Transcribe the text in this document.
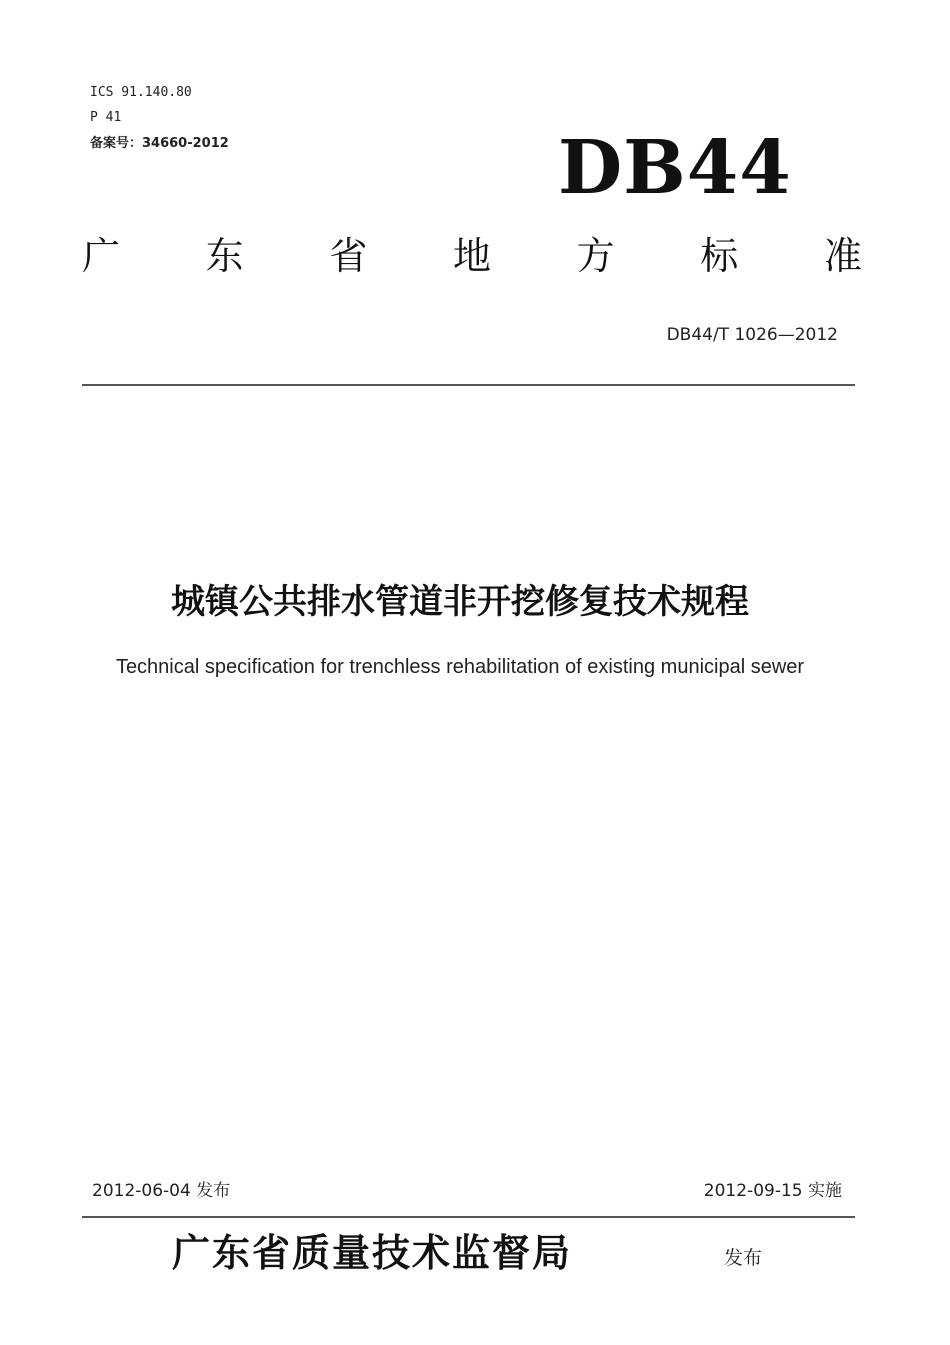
ICS 91.140.80
P 41
备案号：34660-2012	DB44
广 东 省 地 方 标 准
DB44/T 1026—2012
城镇公共排水管道非开挖修复技术规程
Technical specification for trenchless rehabilitation of existing municipal sewer
2012-06-04 发布	2012-09-15 实施
广东省质量技术监督局	发布
